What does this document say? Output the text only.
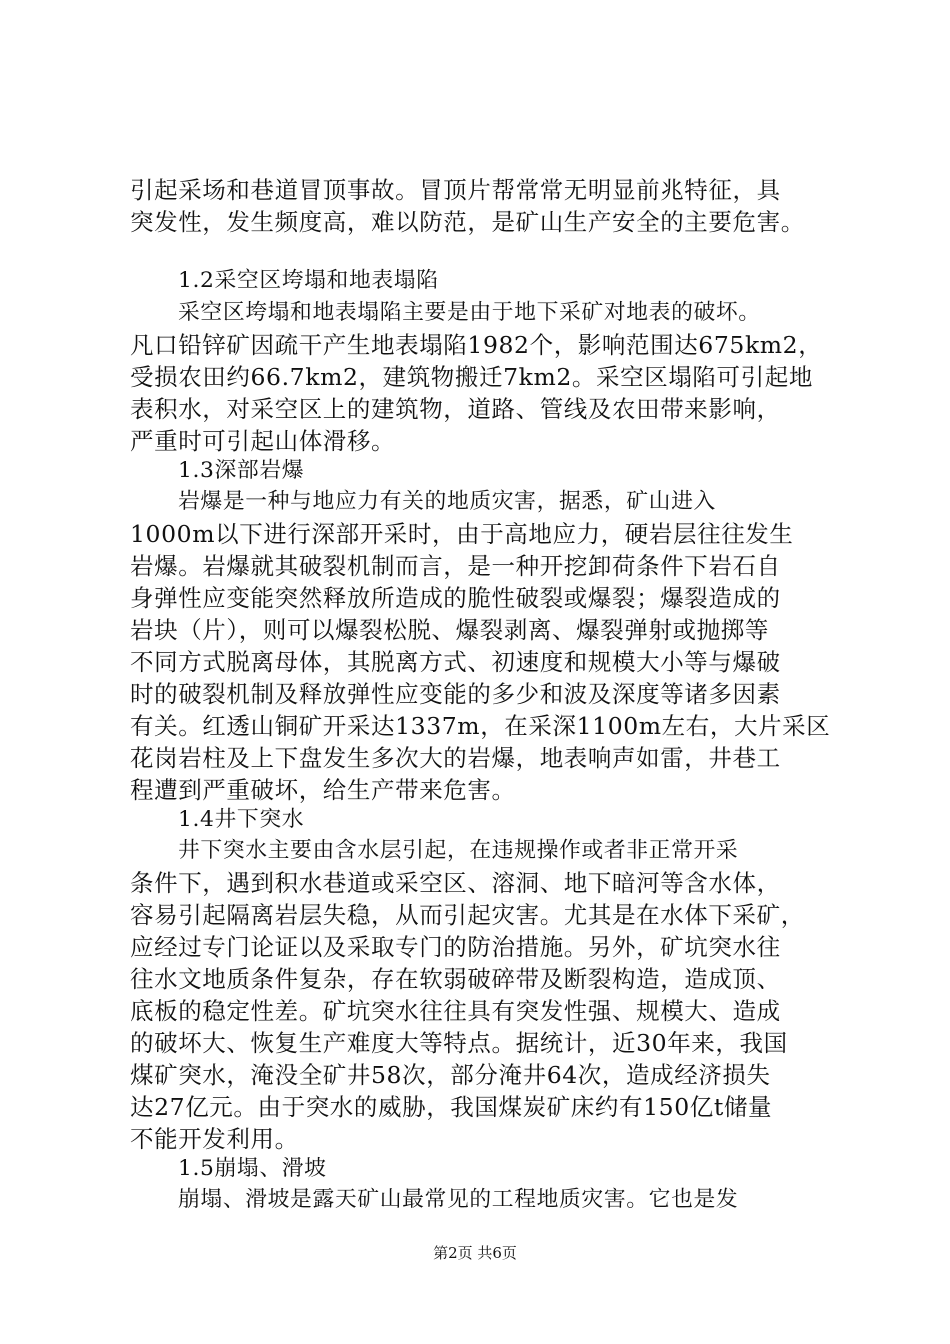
引起采场和巷道冒顶事故。冒顶片帮常常无明显前兆特征，具
突发性，发生频度高，难以防范，是矿山生产安全的主要危害。
1.2采空区垮塌和地表塌陷
采空区垮塌和地表塌陷主要是由于地下采矿对地表的破坏。
凡口铅锌矿因疏干产生地表塌陷1982个，影响范围达675km2，
受损农田约66.7km2，建筑物搬迁7km2。采空区塌陷可引起地
表积水，对采空区上的建筑物，道路、管线及农田带来影响，
严重时可引起山体滑移。
1.3深部岩爆
岩爆是一种与地应力有关的地质灾害，据悉，矿山进入
1000m以下进行深部开采时，由于高地应力，硬岩层往往发生
岩爆。岩爆就其破裂机制而言，是一种开挖卸荷条件下岩石自
身弹性应变能突然释放所造成的脆性破裂或爆裂；爆裂造成的
岩块（片），则可以爆裂松脱、爆裂剥离、爆裂弹射或抛掷等
不同方式脱离母体，其脱离方式、初速度和规模大小等与爆破
时的破裂机制及释放弹性应变能的多少和波及深度等诸多因素
有关。红透山铜矿开采达1337m，在采深1100m左右，大片采区
花岗岩柱及上下盘发生多次大的岩爆，地表响声如雷，井巷工
程遭到严重破坏，给生产带来危害。
1.4井下突水
井下突水主要由含水层引起，在违规操作或者非正常开采
条件下，遇到积水巷道或采空区、溶洞、地下暗河等含水体，
容易引起隔离岩层失稳，从而引起灾害。尤其是在水体下采矿，
应经过专门论证以及采取专门的防治措施。另外，矿坑突水往
往水文地质条件复杂，存在软弱破碎带及断裂构造，造成顶、
底板的稳定性差。矿坑突水往往具有突发性强、规模大、造成
的破坏大、恢复生产难度大等特点。据统计，近30年来，我国
煤矿突水，淹没全矿井58次，部分淹井64次，造成经济损失
达27亿元。由于突水的威胁，我国煤炭矿床约有150亿t储量
不能开发利用。
1.5崩塌、滑坡
崩塌、滑坡是露天矿山最常见的工程地质灾害。它也是发
第2页 共6页
